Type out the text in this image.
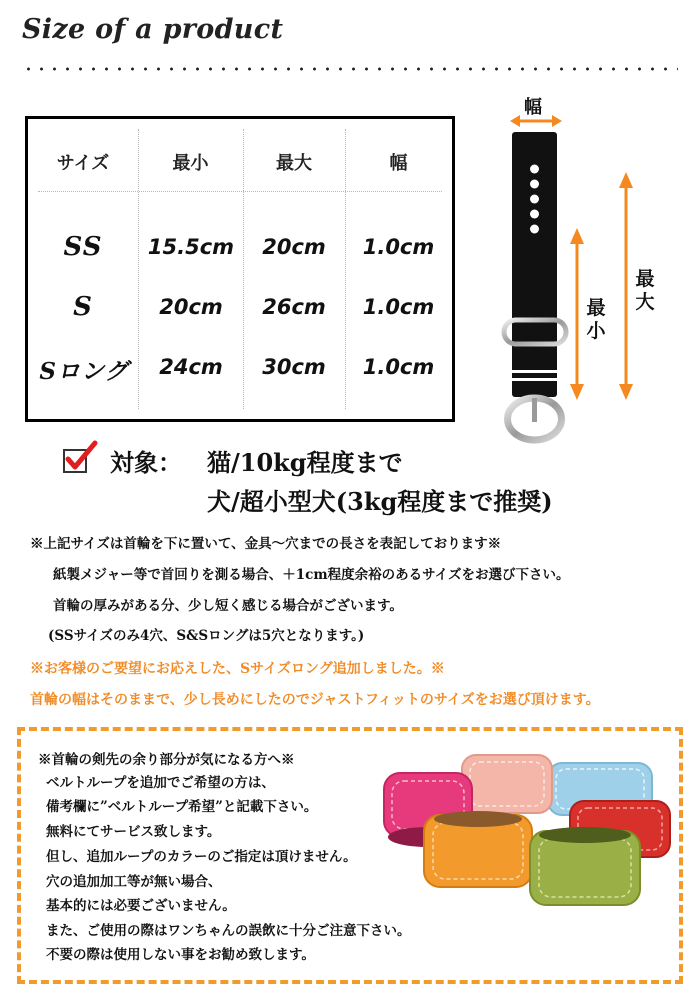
Size of a product
サイズ	最小	最大	幅
SS	15.5cm	20cm	1.0cm
S	20cm	26cm	1.0cm
Sロング	24cm	30cm	1.0cm
幅
最
小
最
大
対象： 猫/10kg程度まで
犬/超小型犬(3kg程度まで推奨)
※上記サイズは首輪を下に置いて、金具～穴までの長さを表記しております※
紙製メジャー等で首回りを測る場合、＋1cm程度余裕のあるサイズをお選び下さい。
首輪の厚みがある分、少し短く感じる場合がございます。
(SSサイズのみ4穴、S&Sロングは5穴となります。)
※お客様のご要望にお応えした、Sサイズロング追加しました。※
首輪の幅はそのままで、少し長めにしたのでジャストフィットのサイズをお選び頂けます。
※首輪の剣先の余り部分が気になる方へ※
ベルトループを追加でご希望の方は、
備考欄に”ベルトループ希望”と記載下さい。
無料にてサービス致します。
但し、追加ループのカラーのご指定は頂けません。
穴の追加加工等が無い場合、
基本的には必要ございません。
また、ご使用の際はワンちゃんの誤飲に十分ご注意下さい。
不要の際は使用しない事をお勧め致します。
